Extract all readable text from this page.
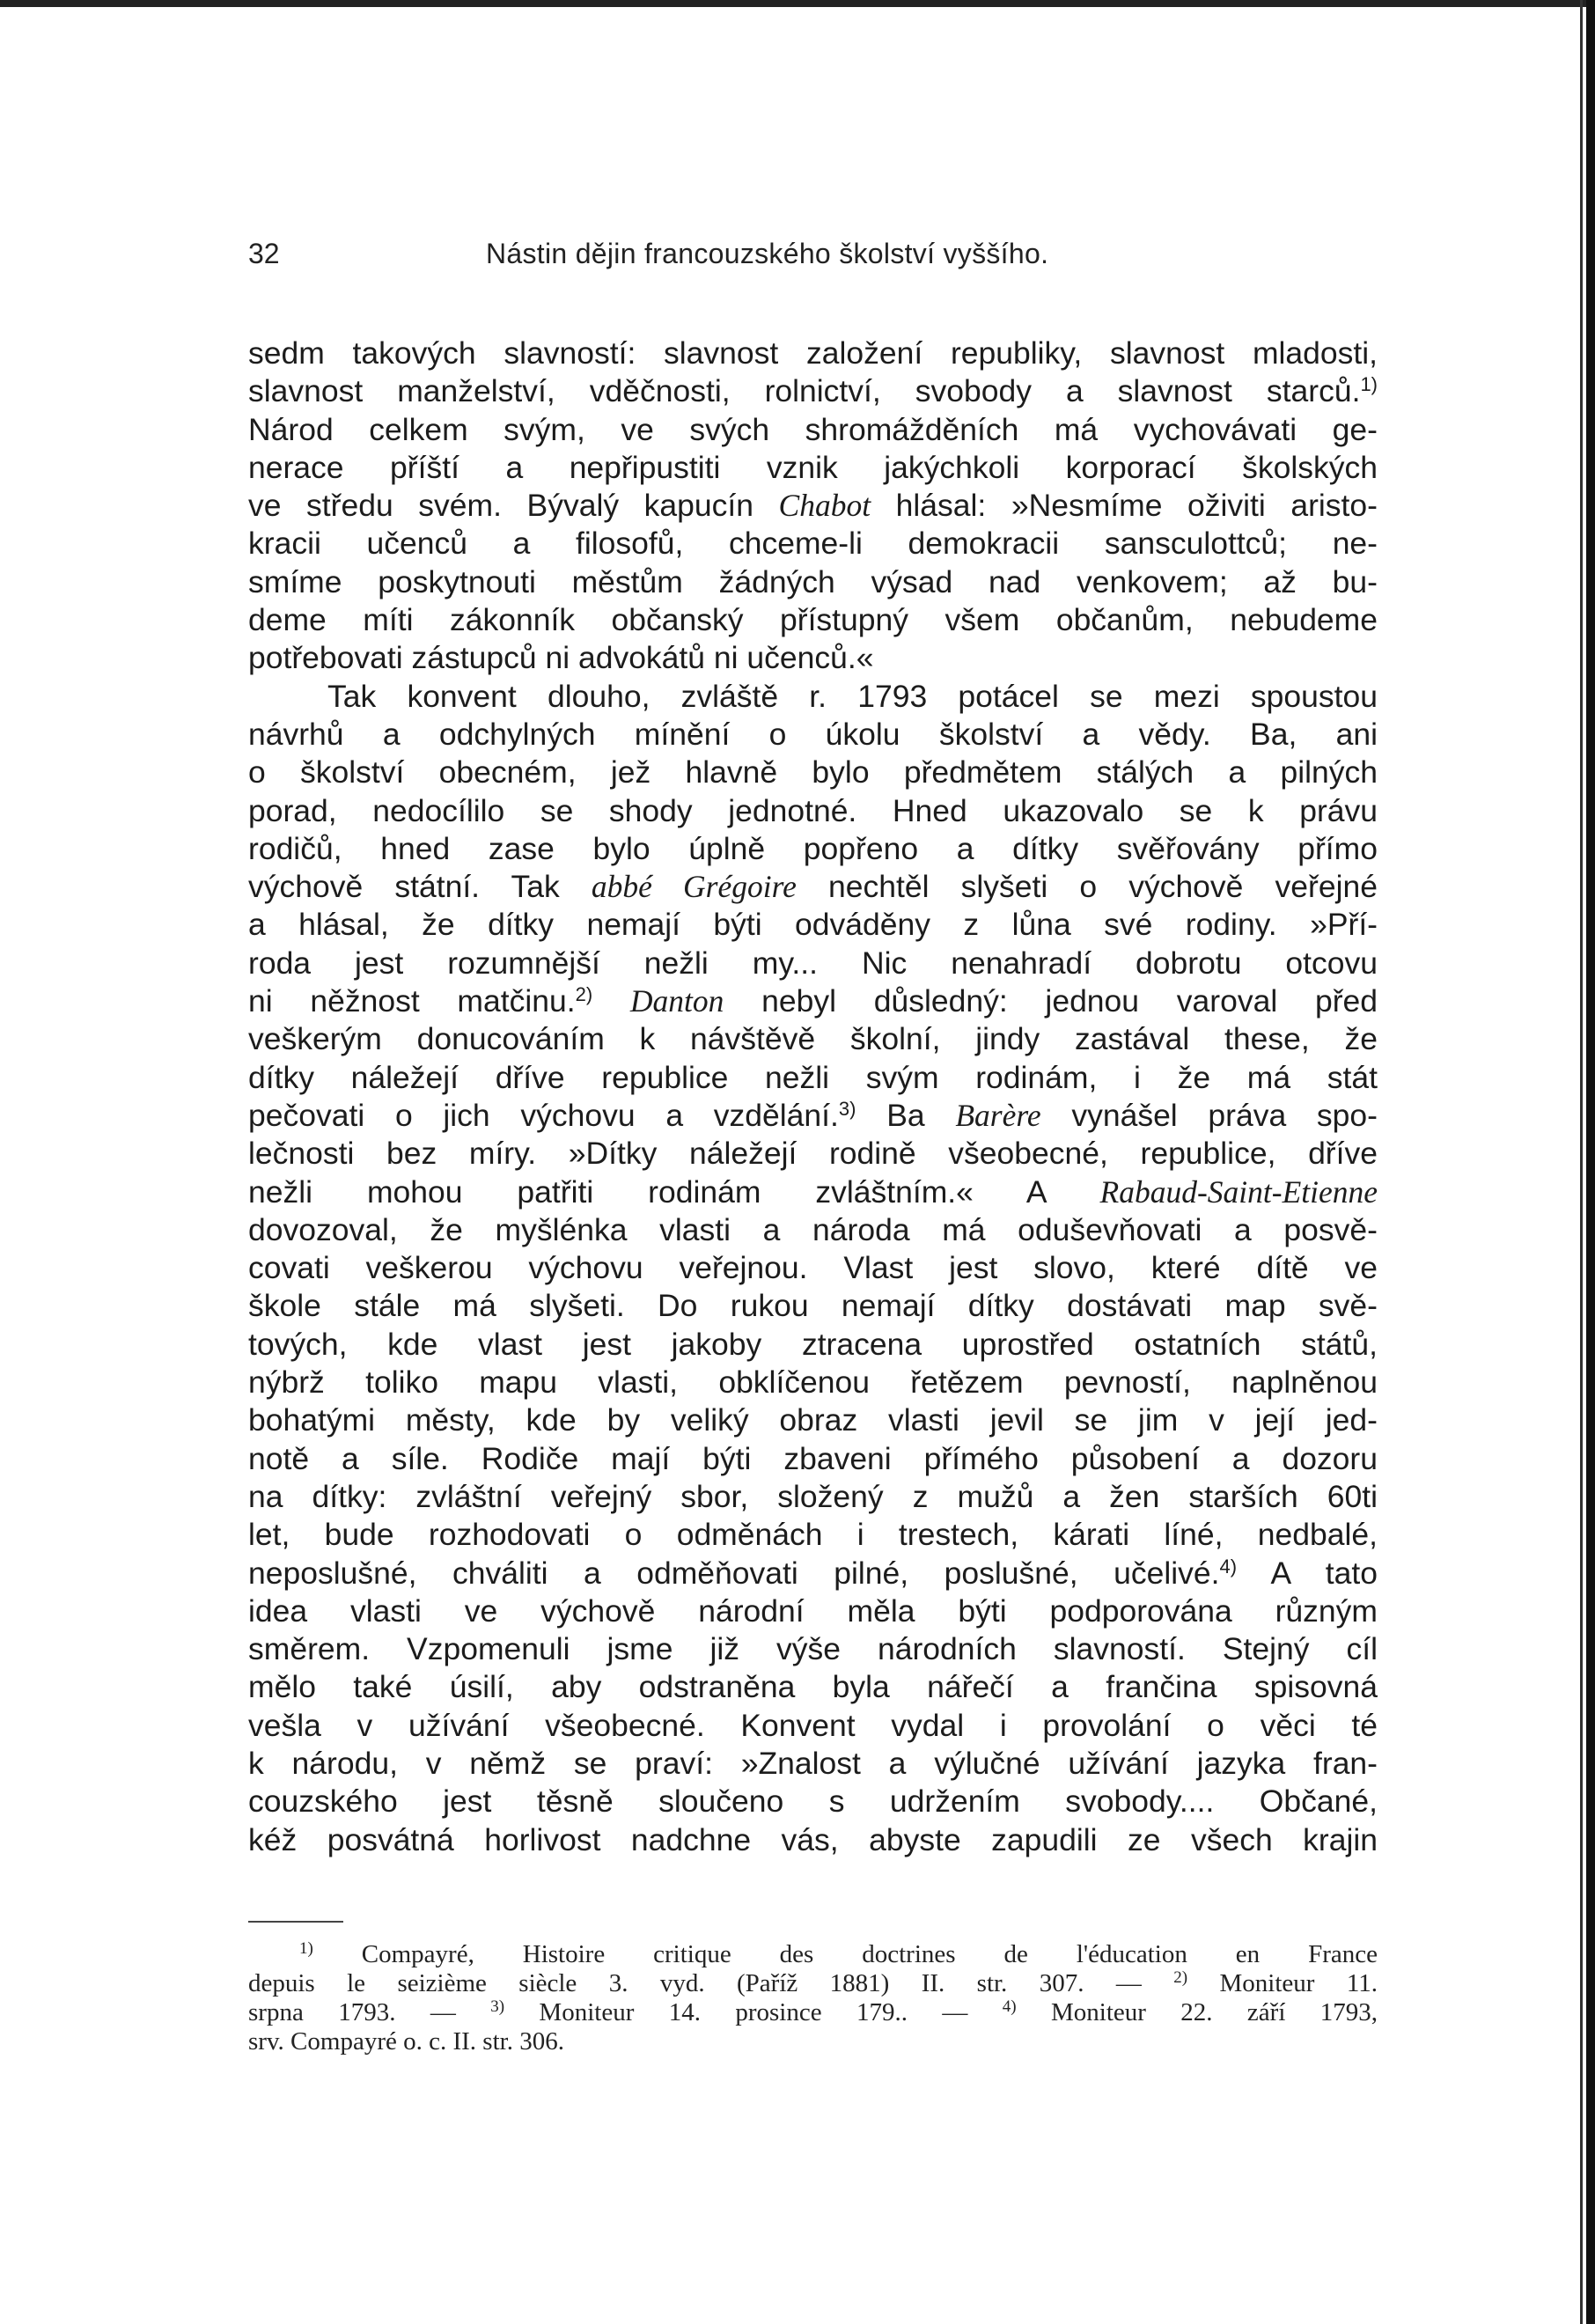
32	Nástin dějin francouzského školství vyššího.
sedm takových slavností: slavnost založení republiky, slavnost mladosti,
slavnost manželství, vděčnosti, rolnictví, svobody a slavnost starců.$^{1)}$
Národ celkem svým, ve svých shromážděních má vychovávati ge-
nerace příští a nepřipustiti vznik jakýchkoli korporací školských
ve středu svém. Bývalý kapucín Chabot hlásal: »Nesmíme oživiti aristo-
kracii učenců a filosofů, chceme-li demokracii sansculottců; ne-
smíme poskytnouti městům žádných výsad nad venkovem; až bu-
deme míti zákonník občanský přístupný všem občanům, nebudeme
potřebovati zástupců ni advokátů ni učenců.«
Tak konvent dlouho, zvláště r. 1793 potácel se mezi spoustou
návrhů a odchylných mínění o úkolu školství a vědy. Ba, ani
o školství obecném, jež hlavně bylo předmětem stálých a pilných
porad, nedocílilo se shody jednotné. Hned ukazovalo se k právu
rodičů, hned zase bylo úplně popřeno a dítky svěřovány přímo
výchově státní. Tak abbé Grégoire nechtěl slyšeti o výchově veřejné
a hlásal, že dítky nemají býti odváděny z lůna své rodiny. »Pří-
roda jest rozumnější nežli my... Nic nenahradí dobrotu otcovu
ni něžnost matčinu.$^{2)}$ Danton nebyl důsledný: jednou varoval před
veškerým donucováním k návštěvě školní, jindy zastával these, že
dítky náležejí dříve republice nežli svým rodinám, i že má stát
pečovati o jich výchovu a vzdělání.$^{3)}$ Ba Barère vynášel práva spo-
lečnosti bez míry. »Dítky náležejí rodině všeobecné, republice, dříve
nežli mohou patřiti rodinám zvláštním.« A Rabaud-Saint-Etienne
dovozoval, že myšlénka vlasti a národa má oduševňovati a posvě-
covati veškerou výchovu veřejnou. Vlast jest slovo, které dítě ve
škole stále má slyšeti. Do rukou nemají dítky dostávati map svě-
tových, kde vlast jest jakoby ztracena uprostřed ostatních států,
nýbrž toliko mapu vlasti, obklíčenou řetězem pevností, naplněnou
bohatými městy, kde by veliký obraz vlasti jevil se jim v její jed-
notě a síle. Rodiče mají býti zbaveni přímého působení a dozoru
na dítky: zvláštní veřejný sbor, složený z mužů a žen starších 60ti
let, bude rozhodovati o odměnách i trestech, kárati líné, nedbalé,
neposlušné, chváliti a odměňovati pilné, poslušné, učelivé.$^{4)}$ A tato
idea vlasti ve výchově národní měla býti podporována různým
směrem. Vzpomenuli jsme již výše národních slavností. Stejný cíl
mělo také úsilí, aby odstraněna byla nářečí a frančina spisovná
vešla v užívání všeobecné. Konvent vydal i provolání o věci té
k národu, v němž se praví: »Znalost a výlučné užívání jazyka fran-
couzského jest těsně sloučeno s udržením svobody.... Občané,
kéž posvátná horlivost nadchne vás, abyste zapudili ze všech krajin
$^{1)}$ Compayré, Histoire critique des doctrines de l'éducation en France
depuis le seizième siècle 3. vyd. (Paříž 1881) II. str. 307. — $^{2)}$ Moniteur 11.
srpna 1793. — $^{3)}$ Moniteur 14. prosince 179.. — $^{4)}$ Moniteur 22. září 1793,
srv. Compayré o. c. II. str. 306.
